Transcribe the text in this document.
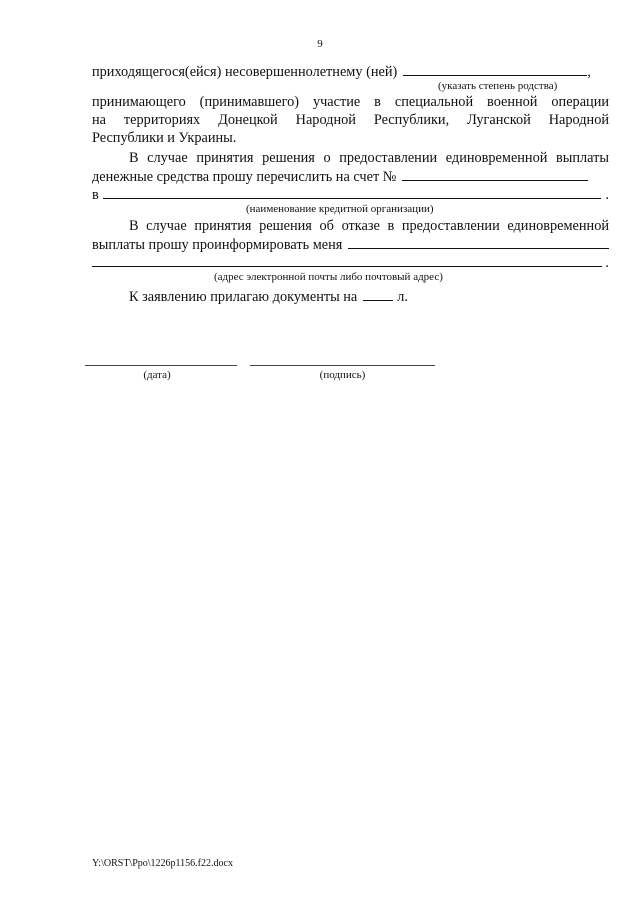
9
приходящегося(ейся) несовершеннолетнему (ней)	,
(указать степень родства)
принимающего (принимавшего) участие в специальной военной операции
на территориях Донецкой Народной Республики, Луганской Народной
Республики и Украины.
В случае принятия решения о предоставлении единовременной выплаты
денежные средства прошу перечислить на счет №
в	.
(наименование кредитной организации)
В случае принятия решения об отказе в предоставлении единовременной
выплаты прошу проинформировать меня
.
(адрес электронной почты либо почтовый адрес)
К заявлению прилагаю документы на	л.
(дата)	(подпись)
Y:\ORST\Ppo\1226p1156.f22.docx
